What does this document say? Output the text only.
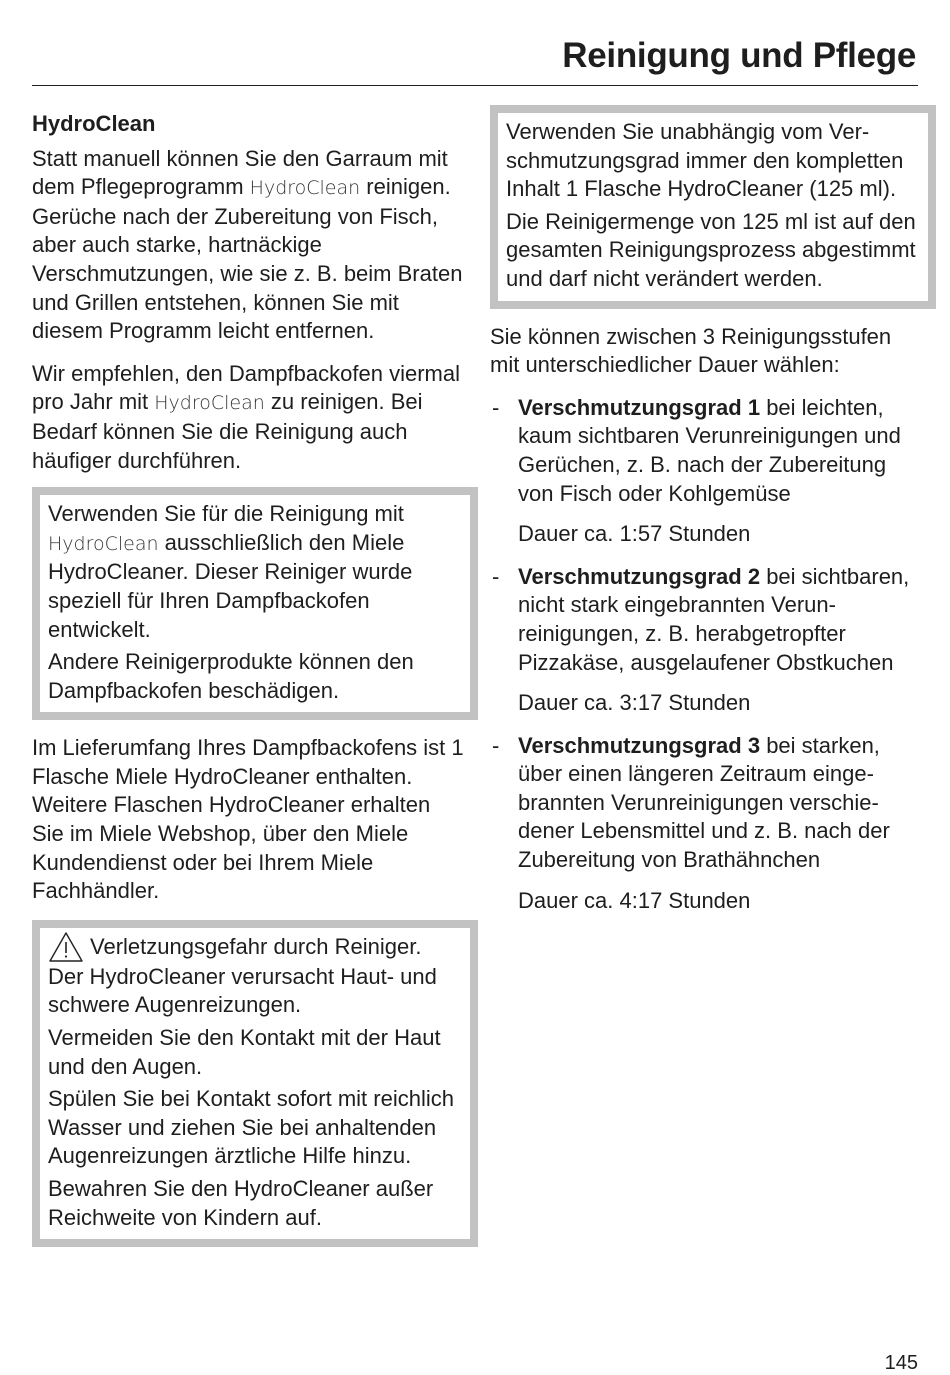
Reinigung und Pflege

HydroClean

Statt manuell können Sie den Garraum mit dem Pflegeprogramm HydroClean reinigen.

Gerüche nach der Zubereitung von Fisch, aber auch starke, hartnäckige Verschmutzungen, wie sie z. B. beim Braten und Grillen entstehen, können Sie mit diesem Programm leicht entfernen.

Wir empfehlen, den Dampfbackofen viermal pro Jahr mit HydroClean zu reinigen. Bei Bedarf können Sie die Reinigung auch häufiger durchführen.

Verwenden Sie für die Reinigung mit HydroClean ausschließlich den Miele HydroCleaner. Dieser Reiniger wurde speziell für Ihren Dampfbackofen entwickelt.

Andere Reinigerprodukte können den Dampfbackofen beschädigen.

Im Lieferumfang Ihres Dampfbackofens ist 1 Flasche Miele HydroCleaner enthalten. Weitere Flaschen HydroCleaner erhalten Sie im Miele Webshop, über den Miele Kundendienst oder bei Ihrem Miele Fachhändler.

Verletzungsgefahr durch Reiniger.

Der HydroCleaner verursacht Haut- und schwere Augenreizungen.

Vermeiden Sie den Kontakt mit der Haut und den Augen.

Spülen Sie bei Kontakt sofort mit reichlich Wasser und ziehen Sie bei anhaltenden Augenreizungen ärztliche Hilfe hinzu.

Bewahren Sie den HydroCleaner außer Reichweite von Kindern auf.

Verwenden Sie unabhängig vom Verschmutzungsgrad immer den kompletten Inhalt 1 Flasche HydroCleaner (125 ml).

Die Reinigermenge von 125 ml ist auf den gesamten Reinigungsprozess abgestimmt und darf nicht verändert werden.

Sie können zwischen 3 Reinigungsstufen mit unterschiedlicher Dauer wählen:

- Verschmutzungsgrad 1 bei leichten, kaum sichtbaren Verunreinigungen und Gerüchen, z. B. nach der Zubereitung von Fisch oder Kohlgemüse

Dauer ca. 1:57 Stunden

- Verschmutzungsgrad 2 bei sichtbaren, nicht stark eingebrannten Verunreinigungen, z. B. herabgetropfter Pizzakäse, ausgelaufener Obstkuchen

Dauer ca. 3:17 Stunden

- Verschmutzungsgrad 3 bei starken, über einen längeren Zeitraum eingebrannten Verunreinigungen verschiedener Lebensmittel und z. B. nach der Zubereitung von Brathähnchen

Dauer ca. 4:17 Stunden

145
